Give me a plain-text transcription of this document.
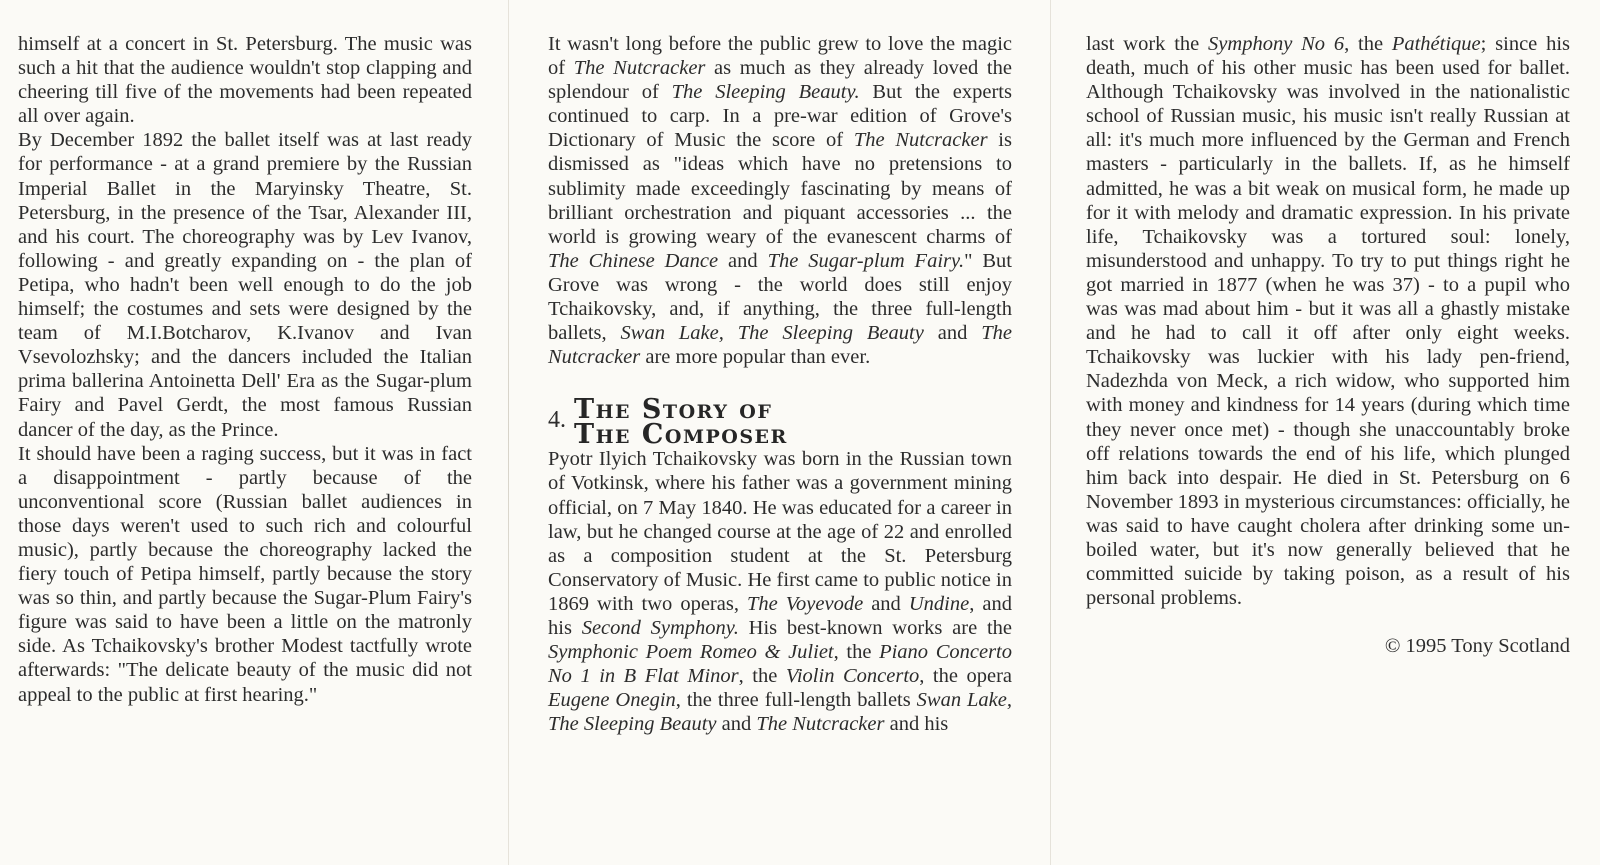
himself at a concert in St. Petersburg. The music was such a hit that the audience wouldn't stop clapping and cheering till five of the movements had been repeated all over again.

By December 1892 the ballet itself was at last ready for performance - at a grand premiere by the Russian Imperial Ballet in the Maryinsky Theatre, St. Petersburg, in the presence of the Tsar, Alexander III, and his court. The choreography was by Lev Ivanov, following - and greatly expanding on - the plan of Petipa, who hadn't been well enough to do the job himself; the costumes and sets were designed by the team of M.I.Botcharov, K.Ivanov and Ivan Vsevolozhsky; and the dancers included the Italian prima ballerina Antoinetta Dell' Era as the Sugar-plum Fairy and Pavel Gerdt, the most famous Russian dancer of the day, as the Prince.

It should have been a raging success, but it was in fact a disappointment - partly because of the unconventional score (Russian ballet audiences in those days weren't used to such rich and colourful music), partly because the choreography lacked the fiery touch of Petipa himself, partly because the story was so thin, and partly because the Sugar-Plum Fairy's figure was said to have been a little on the matronly side. As Tchaikovsky's brother Modest tactfully wrote afterwards: "The delicate beauty of the music did not appeal to the public at first hearing."

It wasn't long before the public grew to love the magic of The Nutcracker as much as they already loved the splendour of The Sleeping Beauty. But the experts continued to carp. In a pre-war edition of Grove's Dictionary of Music the score of The Nutcracker is dismissed as "ideas which have no pretensions to sublimity made exceedingly fascinating by means of brilliant orchestration and piquant accessories ... the world is growing weary of the evanescent charms of The Chinese Dance and The Sugar-plum Fairy." But Grove was wrong - the world does still enjoy Tchaikovsky, and, if anything, the three full-length ballets, Swan Lake, The Sleeping Beauty and The Nutcracker are more popular than ever.

4. The Story of
The Composer

Pyotr Ilyich Tchaikovsky was born in the Russian town of Votkinsk, where his father was a government mining official, on 7 May 1840. He was educated for a career in law, but he changed course at the age of 22 and enrolled as a composition student at the St. Petersburg Conservatory of Music. He first came to public notice in 1869 with two operas, The Voyevode and Undine, and his Second Symphony. His best-known works are the Symphonic Poem Romeo & Juliet, the Piano Concerto No 1 in B Flat Minor, the Violin Concerto, the opera Eugene Onegin, the three full-length ballets Swan Lake, The Sleeping Beauty and The Nutcracker and his

last work the Symphony No 6, the Pathétique; since his death, much of his other music has been used for ballet. Although Tchaikovsky was involved in the nationalistic school of Russian music, his music isn't really Russian at all: it's much more influenced by the German and French masters - particularly in the ballets. If, as he himself admitted, he was a bit weak on musical form, he made up for it with melody and dramatic expression. In his private life, Tchaikovsky was a tortured soul: lonely, misunderstood and unhappy. To try to put things right he got married in 1877 (when he was 37) - to a pupil who was was mad about him - but it was all a ghastly mistake and he had to call it off after only eight weeks. Tchaikovsky was luckier with his lady pen-friend, Nadezhda von Meck, a rich widow, who supported him with money and kindness for 14 years (during which time they never once met) - though she unaccountably broke off relations towards the end of his life, which plunged him back into despair. He died in St. Petersburg on 6 November 1893 in mysterious circumstances: officially, he was said to have caught cholera after drinking some un-boiled water, but it's now generally believed that he committed suicide by taking poison, as a result of his personal problems.

© 1995 Tony Scotland
